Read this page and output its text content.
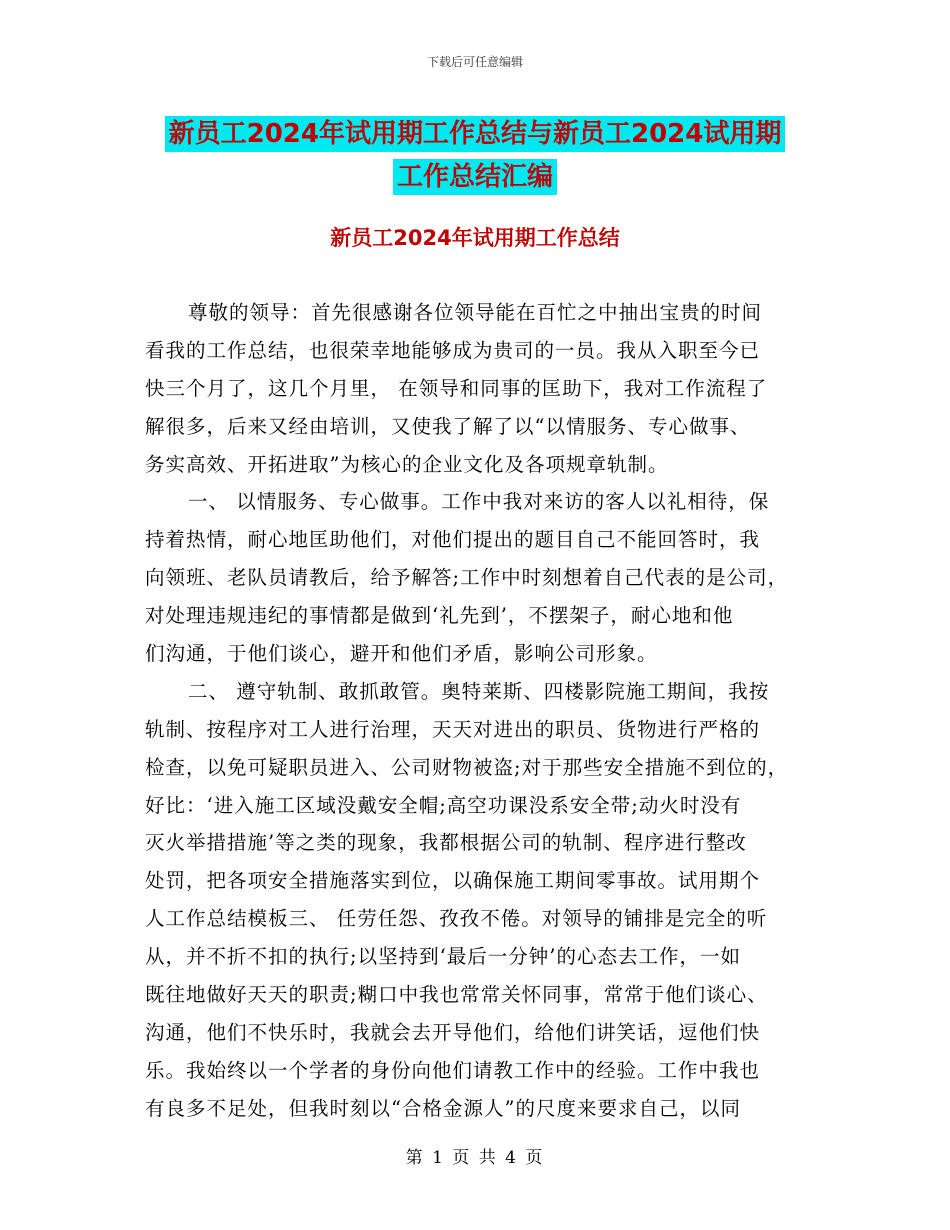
下载后可任意编辑
新员工2024年试用期工作总结与新员工2024试用期
工作总结汇编
新员工2024年试用期工作总结
尊敬的领导：首先很感谢各位领导能在百忙之中抽出宝贵的时间
看我的工作总结，也很荣幸地能够成为贵司的一员。我从入职至今已
快三个月了，这几个月里， 在领导和同事的匡助下，我对工作流程了
解很多，后来又经由培训，又使我了解了以“以情服务、专心做事、
务实高效、开拓进取”为核心的企业文化及各项规章轨制。
一、 以情服务、专心做事。工作中我对来访的客人以礼相待，保
持着热情，耐心地匡助他们，对他们提出的题目自己不能回答时，我
向领班、老队员请教后，给予解答;工作中时刻想着自己代表的是公司，
对处理违规违纪的事情都是做到‘礼先到’，不摆架子，耐心地和他
们沟通，于他们谈心，避开和他们矛盾，影响公司形象。
二、 遵守轨制、敢抓敢管。奥特莱斯、四楼影院施工期间，我按
轨制、按程序对工人进行治理，天天对进出的职员、货物进行严格的
检查，以免可疑职员进入、公司财物被盗;对于那些安全措施不到位的，
好比：‘进入施工区域没戴安全帽;高空功课没系安全带;动火时没有
灭火举措措施’等之类的现象，我都根据公司的轨制、程序进行整改
处罚，把各项安全措施落实到位，以确保施工期间零事故。试用期个
人工作总结模板三、 任劳任怨、孜孜不倦。对领导的铺排是完全的听
从，并不折不扣的执行;以坚持到‘最后一分钟’的心态去工作，一如
既往地做好天天的职责;糊口中我也常常关怀同事，常常于他们谈心、
沟通，他们不快乐时，我就会去开导他们，给他们讲笑话，逗他们快
乐。我始终以一个学者的身份向他们请教工作中的经验。工作中我也
有良多不足处，但我时刻以“合格金源人”的尺度来要求自己，以同
第 1 页 共 4 页
